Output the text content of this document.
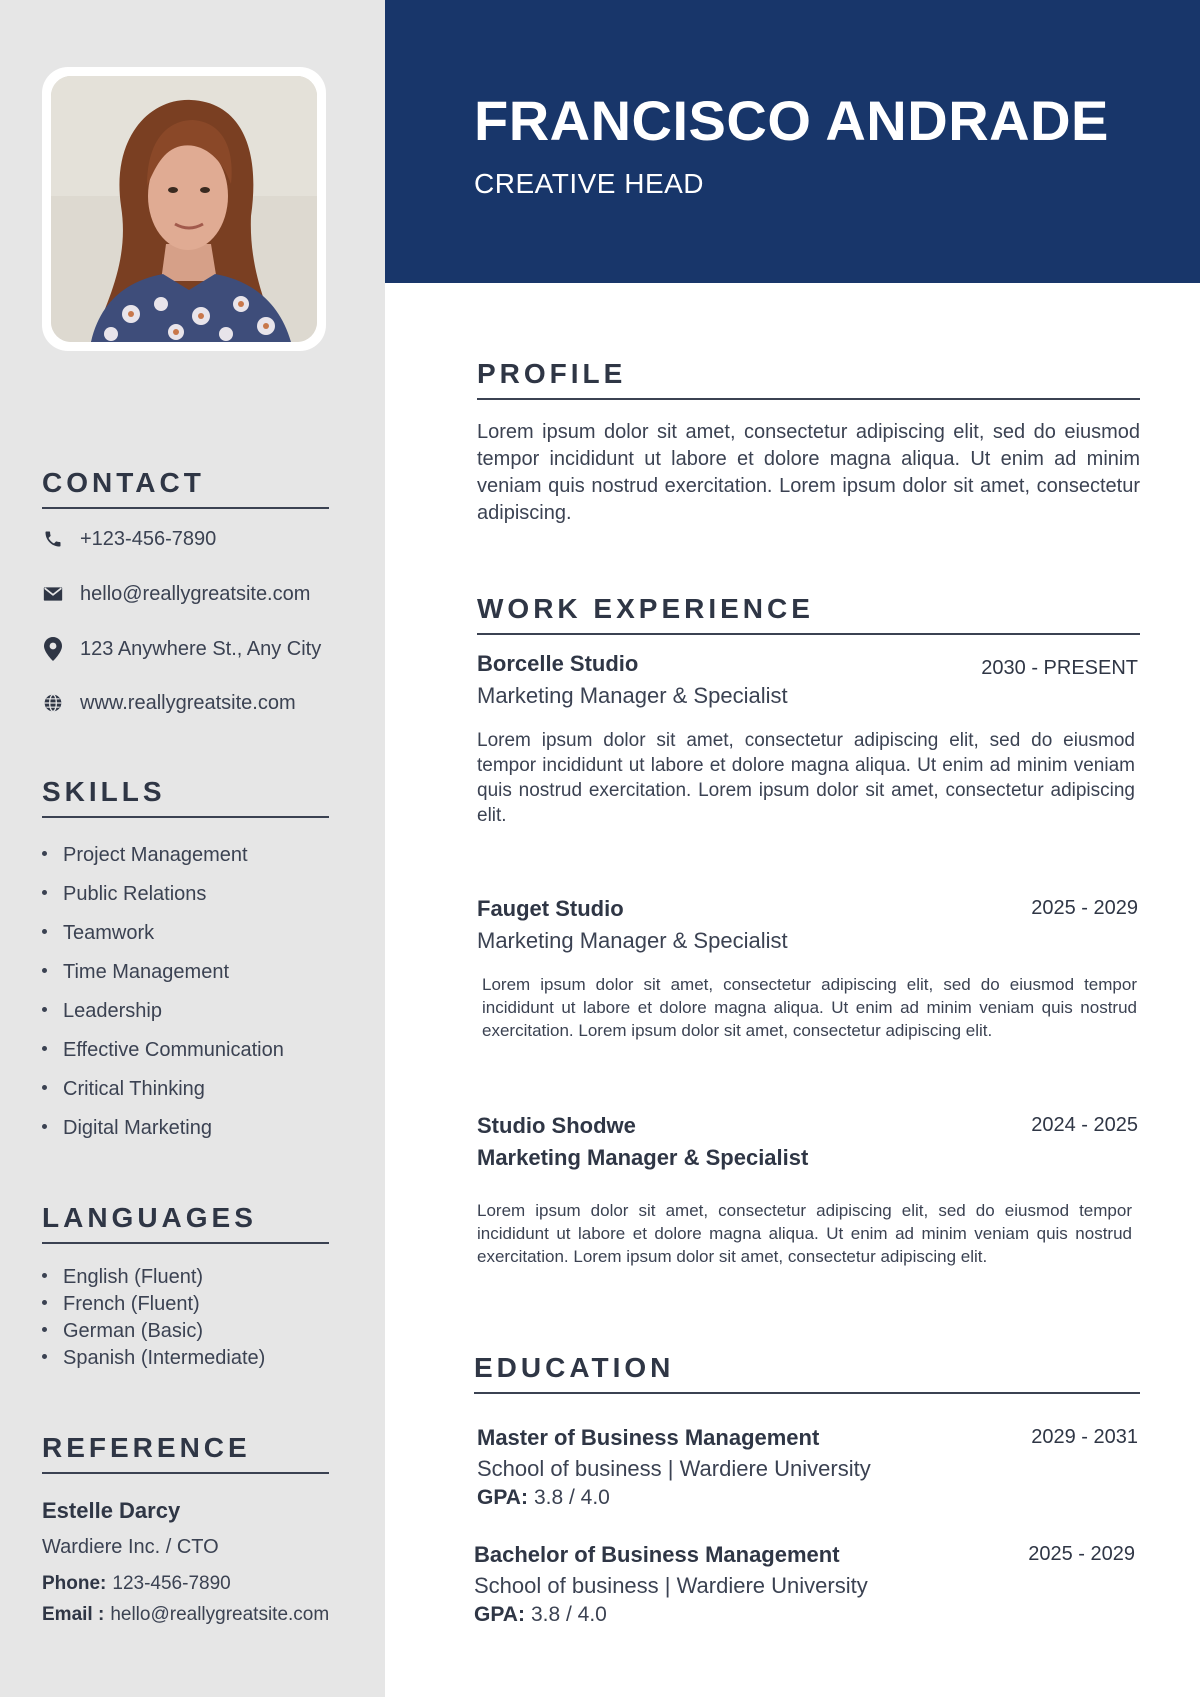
FRANCISCO ANDRADE
CREATIVE HEAD
CONTACT
+123-456-7890
hello@reallygreatsite.com
123 Anywhere St., Any City
www.reallygreatsite.com
SKILLS
Project Management
Public Relations
Teamwork
Time Management
Leadership
Effective Communication
Critical Thinking
Digital Marketing
LANGUAGES
English (Fluent)
French (Fluent)
German (Basic)
Spanish (Intermediate)
REFERENCE
Estelle Darcy
Wardiere Inc. / CTO
Phone: 123-456-7890
Email : hello@reallygreatsite.com
PROFILE
Lorem ipsum dolor sit amet, consectetur adipiscing elit, sed do eiusmod tempor incididunt ut labore et dolore magna aliqua. Ut enim ad minim veniam quis nostrud exercitation. Lorem ipsum dolor sit amet, consectetur adipiscing.
WORK EXPERIENCE
Borcelle Studio	2030 - PRESENT
Marketing Manager & Specialist
Lorem ipsum dolor sit amet, consectetur adipiscing elit, sed do eiusmod tempor incididunt ut labore et dolore magna aliqua. Ut enim ad minim veniam quis nostrud exercitation. Lorem ipsum dolor sit amet, consectetur adipiscing elit.
Fauget Studio	2025 - 2029
Marketing Manager & Specialist
Lorem ipsum dolor sit amet, consectetur adipiscing elit, sed do eiusmod tempor incididunt ut labore et dolore magna aliqua. Ut enim ad minim veniam quis nostrud exercitation. Lorem ipsum dolor sit amet, consectetur adipiscing elit.
Studio Shodwe	2024 - 2025
Marketing Manager & Specialist
Lorem ipsum dolor sit amet, consectetur adipiscing elit, sed do eiusmod tempor incididunt ut labore et dolore magna aliqua. Ut enim ad minim veniam quis nostrud exercitation. Lorem ipsum dolor sit amet, consectetur adipiscing elit.
EDUCATION
Master of Business Management	2029 - 2031
School of business | Wardiere University
GPA: 3.8 / 4.0
Bachelor of Business Management	2025 - 2029
School of business | Wardiere University
GPA: 3.8 / 4.0
